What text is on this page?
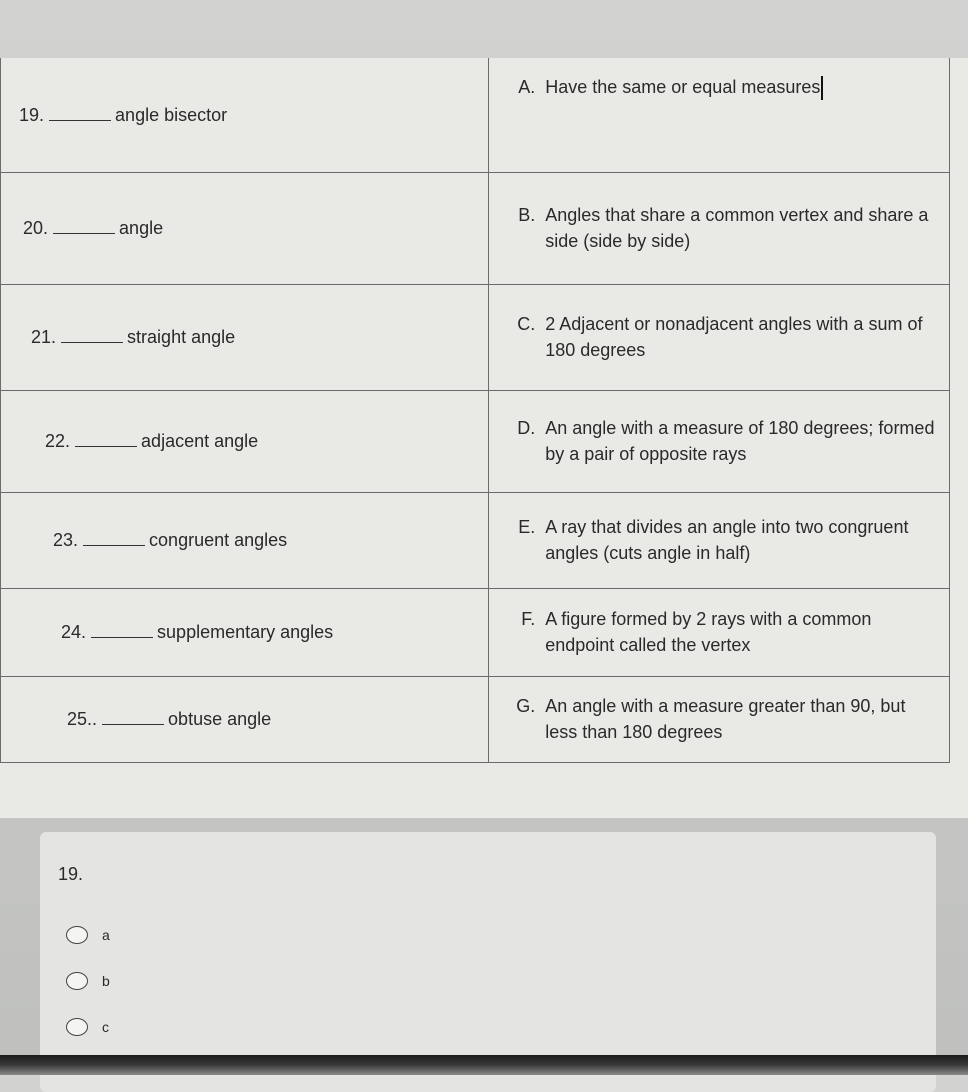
19. angle bisector	A. Have the same or equal measures

20. angle	B. Angles that share a common vertex and share a side (side by side)

21. straight angle	C. 2 Adjacent or nonadjacent angles with a sum of 180 degrees

22. adjacent angle	D. An angle with a measure of 180 degrees; formed by a pair of opposite rays

23. congruent angles	E. A ray that divides an angle into two congruent angles (cuts angle in half)

24. supplementary angles	F. A figure formed by 2 rays with a common endpoint called the vertex

25.. obtuse angle	G. An angle with a measure greater than 90, but less than 180 degrees
19.
a
b
c
